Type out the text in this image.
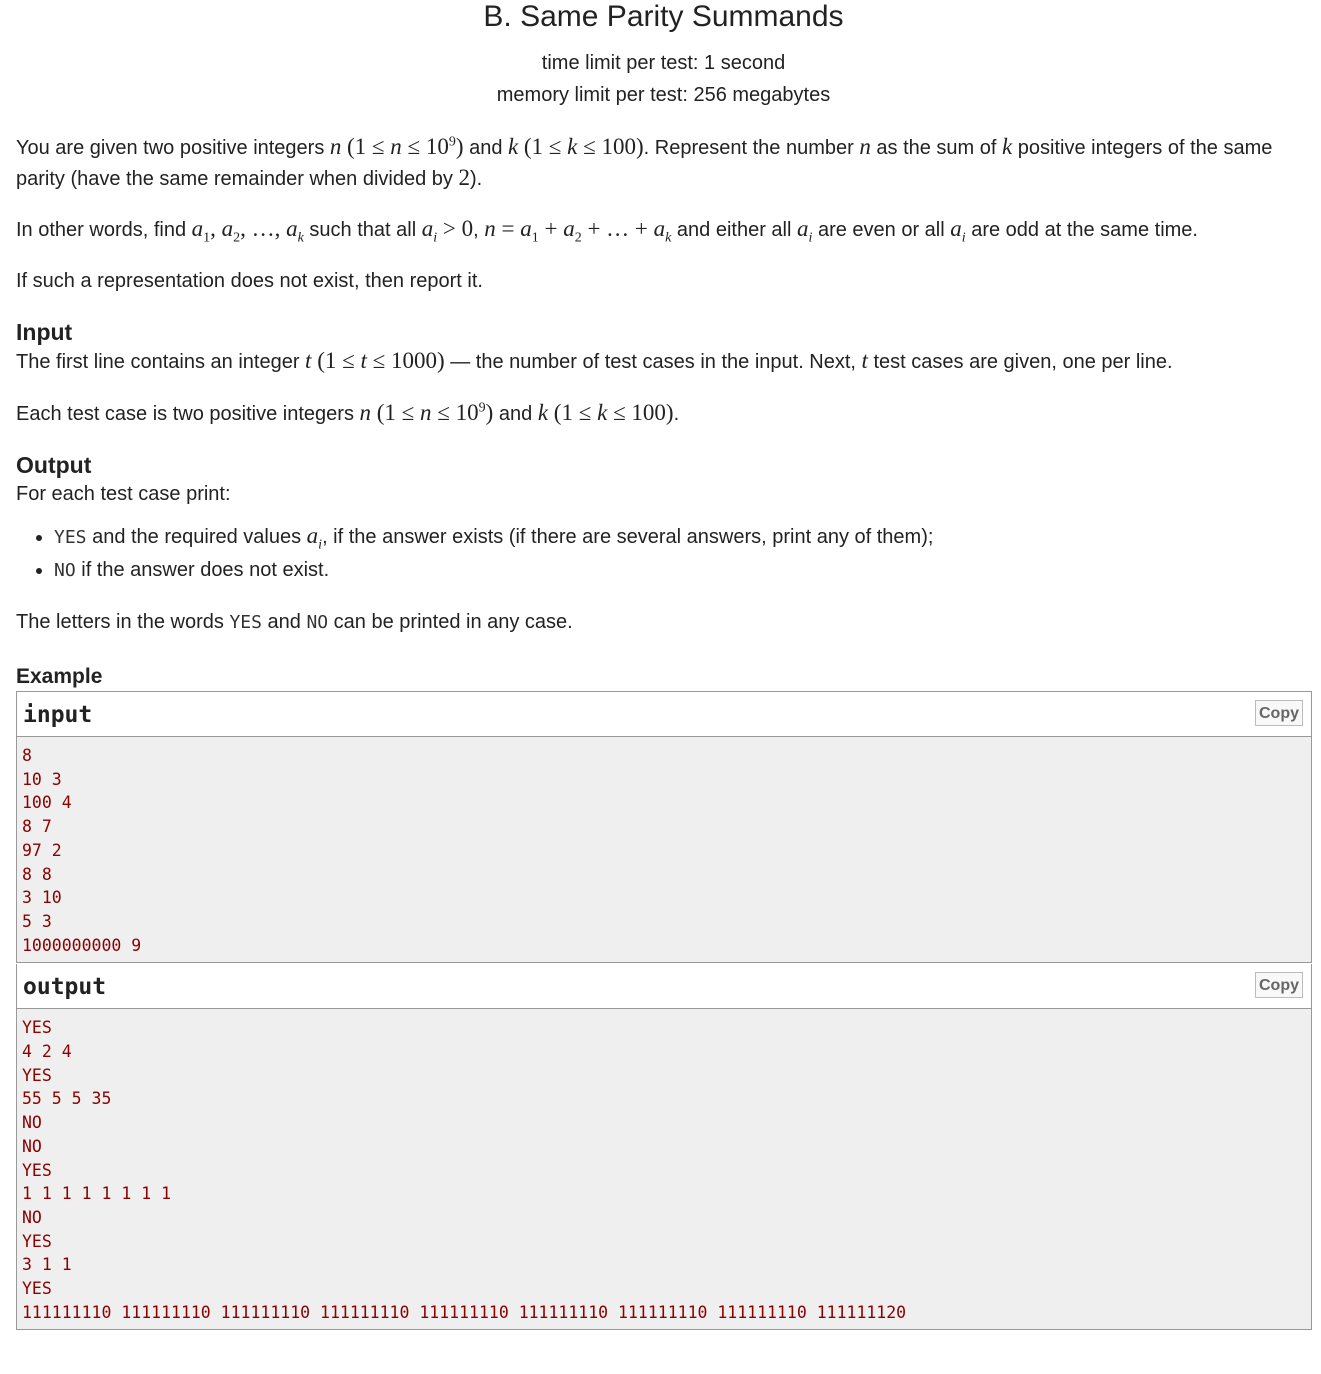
B. Same Parity Summands
time limit per test: 1 second
memory limit per test: 256 megabytes

You are given two positive integers n $(1 \le n \le 10^9)$ and k (1 ≤ k ≤ 100). Represent the number n as the sum of k positive integers of the same parity (have the same remainder when divided by 2).

In other words, find $a_1$, $a_2$, …, $a_k$ such that all $a_i > 0$, $n = a_1 + a_2$ + … + $a_k$ and either all $a_i$ are even or all $a_i$ are odd at the same time.

If such a representation does not exist, then report it.

Input

The first line contains an integer t (1 ≤ t ≤ 1000) — the number of test cases in the input. Next, t test cases are given, one per line.

Each test case is two positive integers n $(1 \le n \le 10^9)$ and k (1 ≤ k ≤ 100).

Output

For each test case print:

• YES and the required values $a_i$, if the answer exists (if there are several answers, print any of them);
• NO if the answer does not exist.

The letters in the words YES and NO can be printed in any case.

Example
input	Copy
8
10 3
100 4
8 7
97 2
8 8
3 10
5 3
1000000000 9
output	Copy
YES
4 2 4
YES
55 5 5 35
NO
NO
YES
1 1 1 1 1 1 1 1
NO
YES
3 1 1
YES
111111110 111111110 111111110 111111110 111111110 111111110 111111110 111111110 111111120
